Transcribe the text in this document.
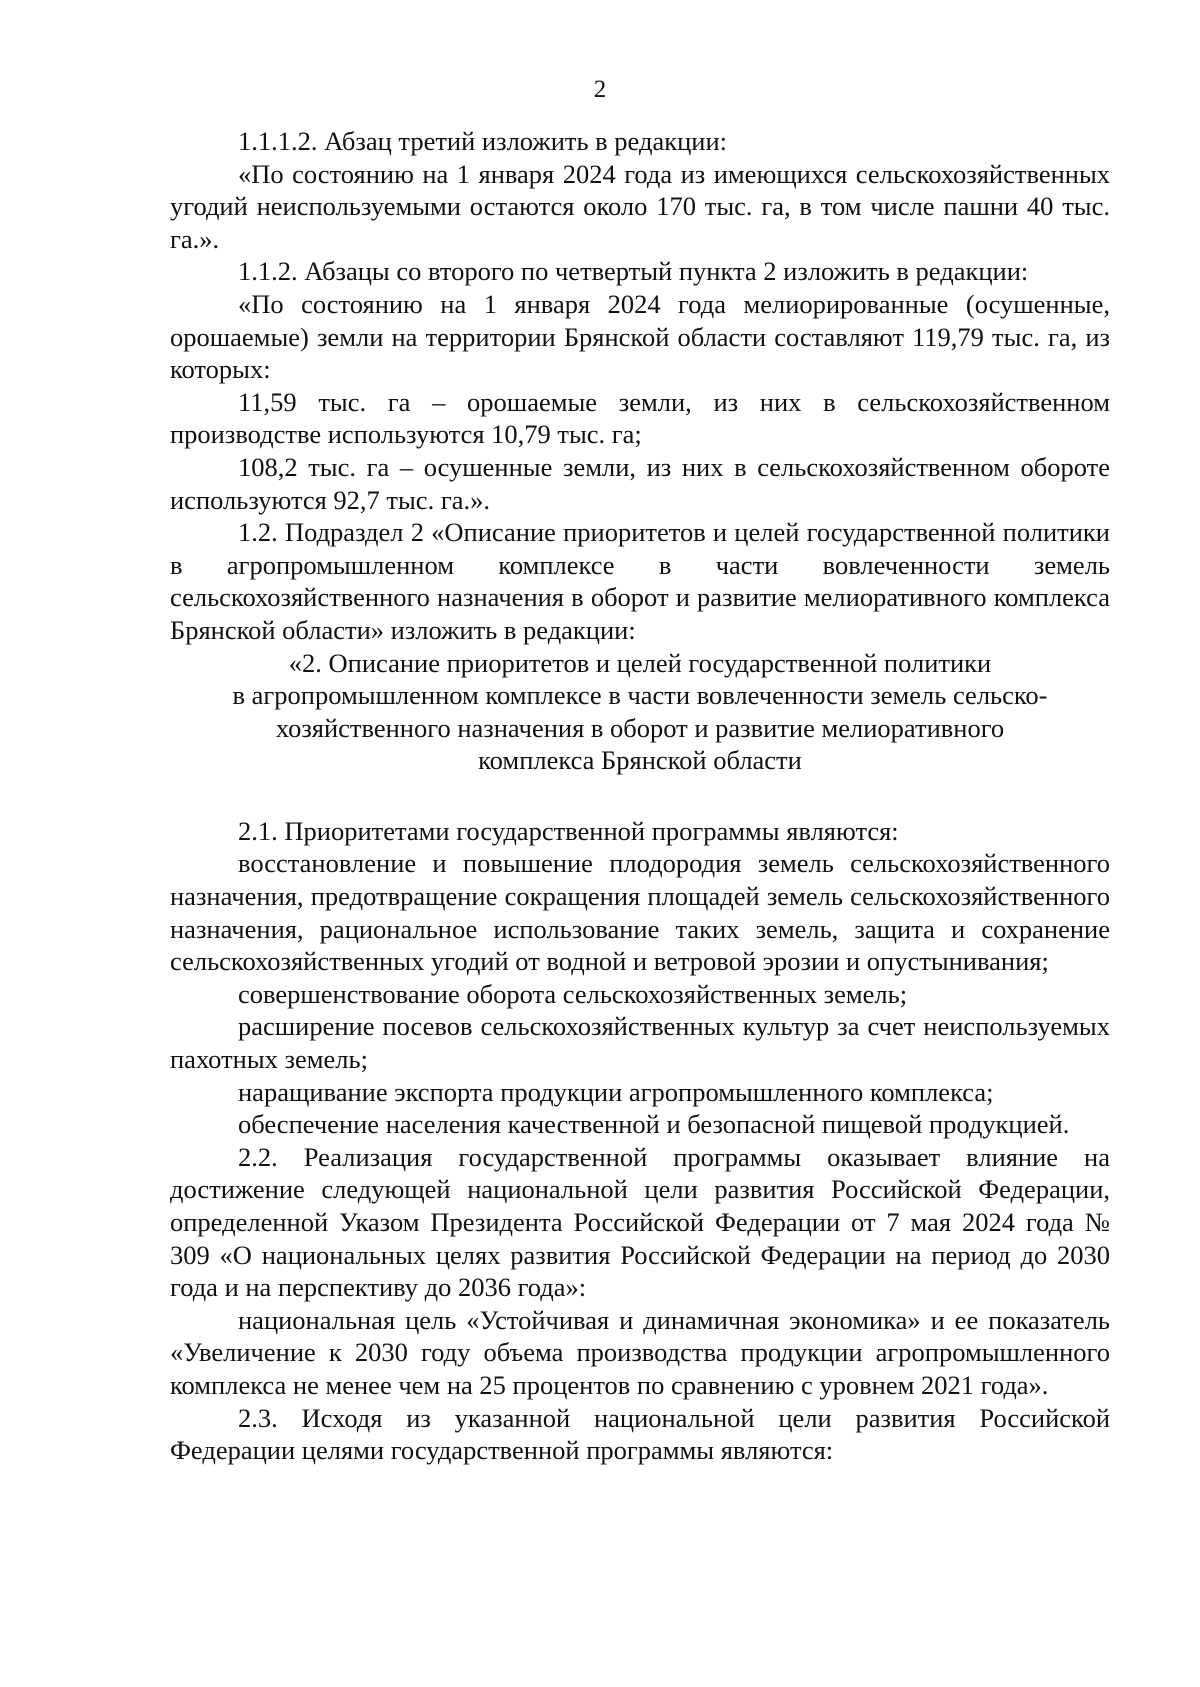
2

1.1.1.2. Абзац третий изложить в редакции:

«По состоянию на 1 января 2024 года из имеющихся сельскохозяйственных угодий неиспользуемыми остаются около 170 тыс. га, в том числе пашни 40 тыс. га.».

1.1.2. Абзацы со второго по четвертый пункта 2 изложить в редакции:

«По состоянию на 1 января 2024 года мелиорированные (осушенные, орошаемые) земли на территории Брянской области составляют 119,79 тыс. га, из которых:

11,59 тыс. га – орошаемые земли, из них в сельскохозяйственном производстве используются 10,79 тыс. га;

108,2 тыс. га – осушенные земли, из них в сельскохозяйственном обороте используются 92,7 тыс. га.».

1.2. Подраздел 2 «Описание приоритетов и целей государственной политики в агропромышленном комплексе в части вовлеченности земель сельскохозяйственного назначения в оборот и развитие мелиоративного комплекса Брянской области» изложить в редакции:

«2. Описание приоритетов и целей государственной политики
в агропромышленном комплексе в части вовлеченности земель сельско-
хозяйственного назначения в оборот и развитие мелиоративного
комплекса Брянской области

2.1. Приоритетами государственной программы являются:

восстановление и повышение плодородия земель сельскохозяйственного назначения, предотвращение сокращения площадей земель сельскохозяйственного назначения, рациональное использование таких земель, защита и сохранение сельскохозяйственных угодий от водной и ветровой эрозии и опустынивания;

совершенствование оборота сельскохозяйственных земель;

расширение посевов сельскохозяйственных культур за счет неиспользуемых пахотных земель;

наращивание экспорта продукции агропромышленного комплекса;

обеспечение населения качественной и безопасной пищевой продукцией.

2.2. Реализация государственной программы оказывает влияние на достижение следующей национальной цели развития Российской Федерации, определенной Указом Президента Российской Федерации от 7 мая 2024 года № 309 «О национальных целях развития Российской Федерации на период до 2030 года и на перспективу до 2036 года»:

национальная цель «Устойчивая и динамичная экономика» и ее показатель «Увеличение к 2030 году объема производства продукции агропромышленного комплекса не менее чем на 25 процентов по сравнению с уровнем 2021 года».

2.3. Исходя из указанной национальной цели развития Российской Федерации целями государственной программы являются:
